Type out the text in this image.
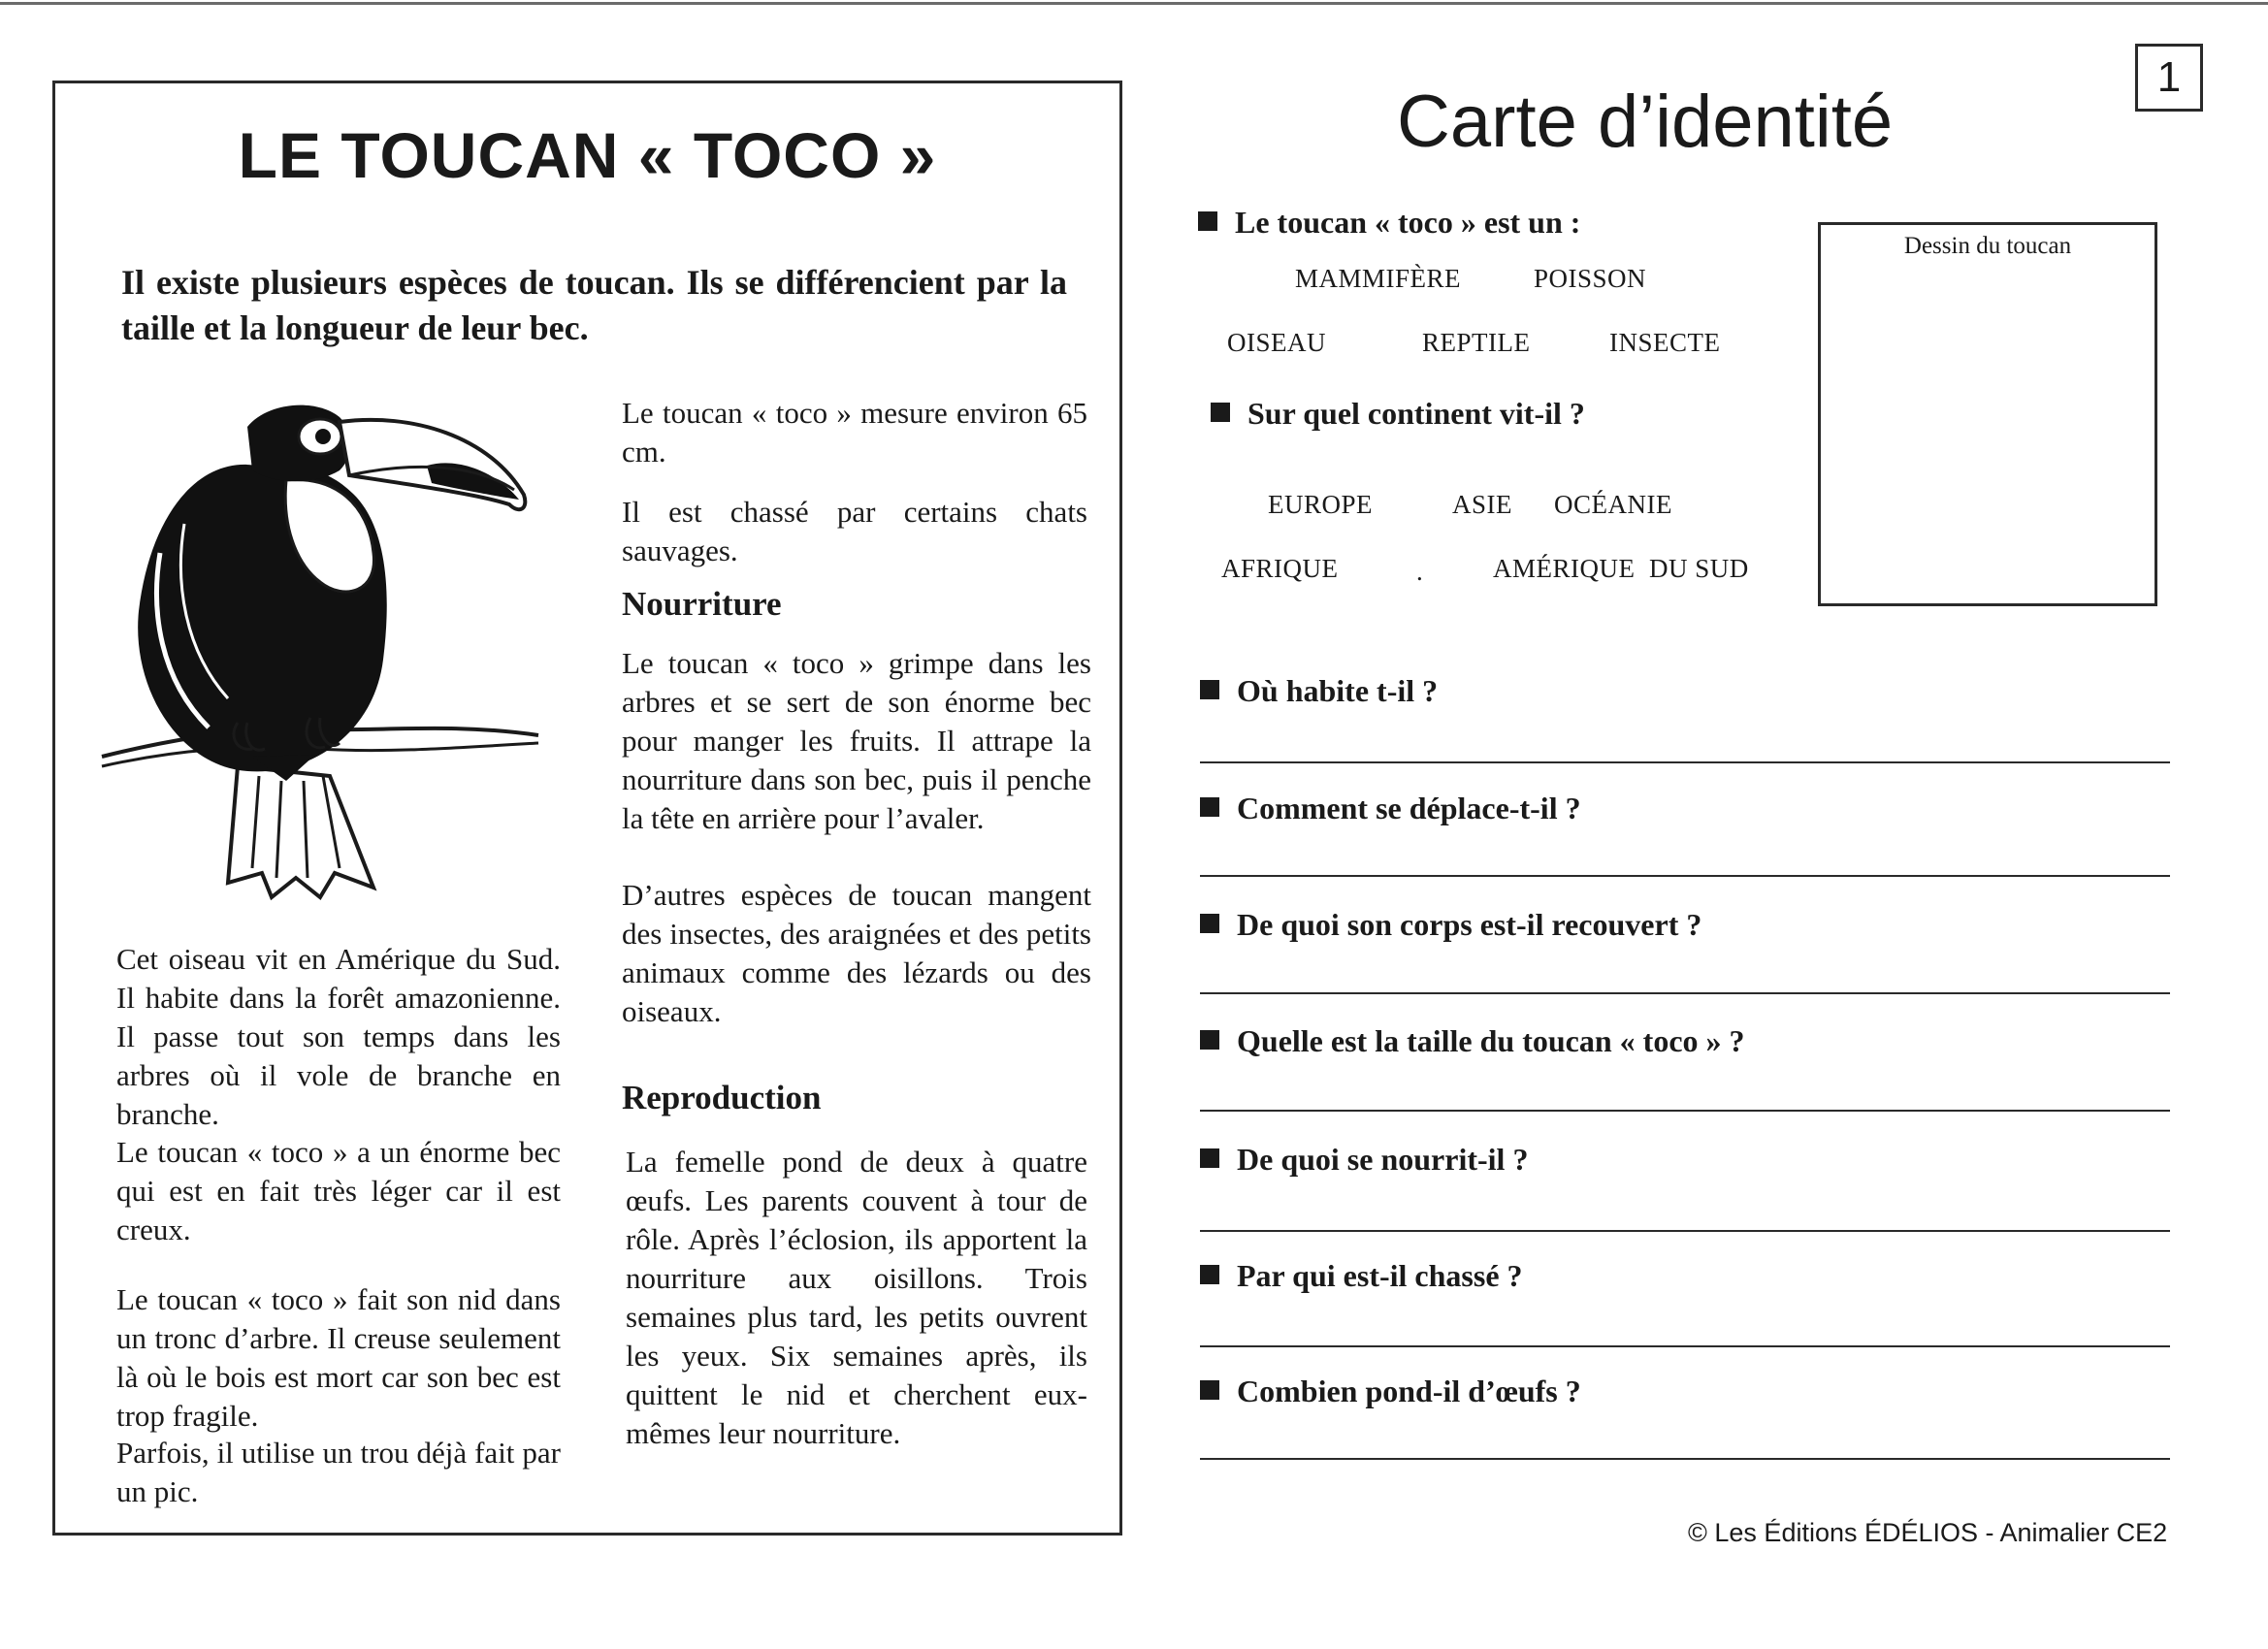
LE TOUCAN « TOCO »
Il existe plusieurs espèces de toucan. Ils se différencient par la taille et la longueur de leur bec.
Le toucan « toco » mesure environ 65 cm.
Il est chassé par certains chats sauvages.
Nourriture
Le toucan « toco » grimpe dans les arbres et se sert de son énorme bec pour manger les fruits. Il attrape la nourriture dans son bec, puis il penche la tête en arrière pour l’avaler.
D’autres espèces de toucan mangent des insectes, des araignées et des petits animaux comme des lézards ou des oiseaux.
Reproduction
La femelle pond de deux à quatre œufs. Les parents couvent à tour de rôle. Après l’éclosion, ils apportent la nourriture aux oisillons. Trois semaines plus tard, les petits ouvrent les yeux. Six semaines après, ils quittent le nid et cherchent eux-mêmes leur nourriture.
Cet oiseau vit en Amérique du Sud. Il habite dans la forêt amazonienne. Il passe tout son temps dans les arbres où il vole de branche en branche.
Le toucan « toco » a un énorme bec qui est en fait très léger car il est creux.
Le toucan « toco » fait son nid dans un tronc d’arbre. Il creuse seulement là où le bois est mort car son bec est trop fragile.
Parfois, il utilise un trou déjà fait par un pic.
1
Carte d’identité
Le toucan « toco » est un :
MAMMIFÈRE	POISSON
OISEAU	REPTILE	INSECTE
Sur quel continent vit-il ?
EUROPE	ASIE OCÉANIE
AFRIQUE	.	AMÉRIQUE  DU SUD
Dessin du toucan
Où habite t-il ?
Comment se déplace-t-il ?
De quoi son corps est-il recouvert ?
Quelle est la taille du toucan « toco » ?
De quoi se nourrit-il ?
Par qui est-il chassé ?
Combien pond-il d’œufs ?
© Les Éditions ÉDÉLIOS - Animalier CE2
